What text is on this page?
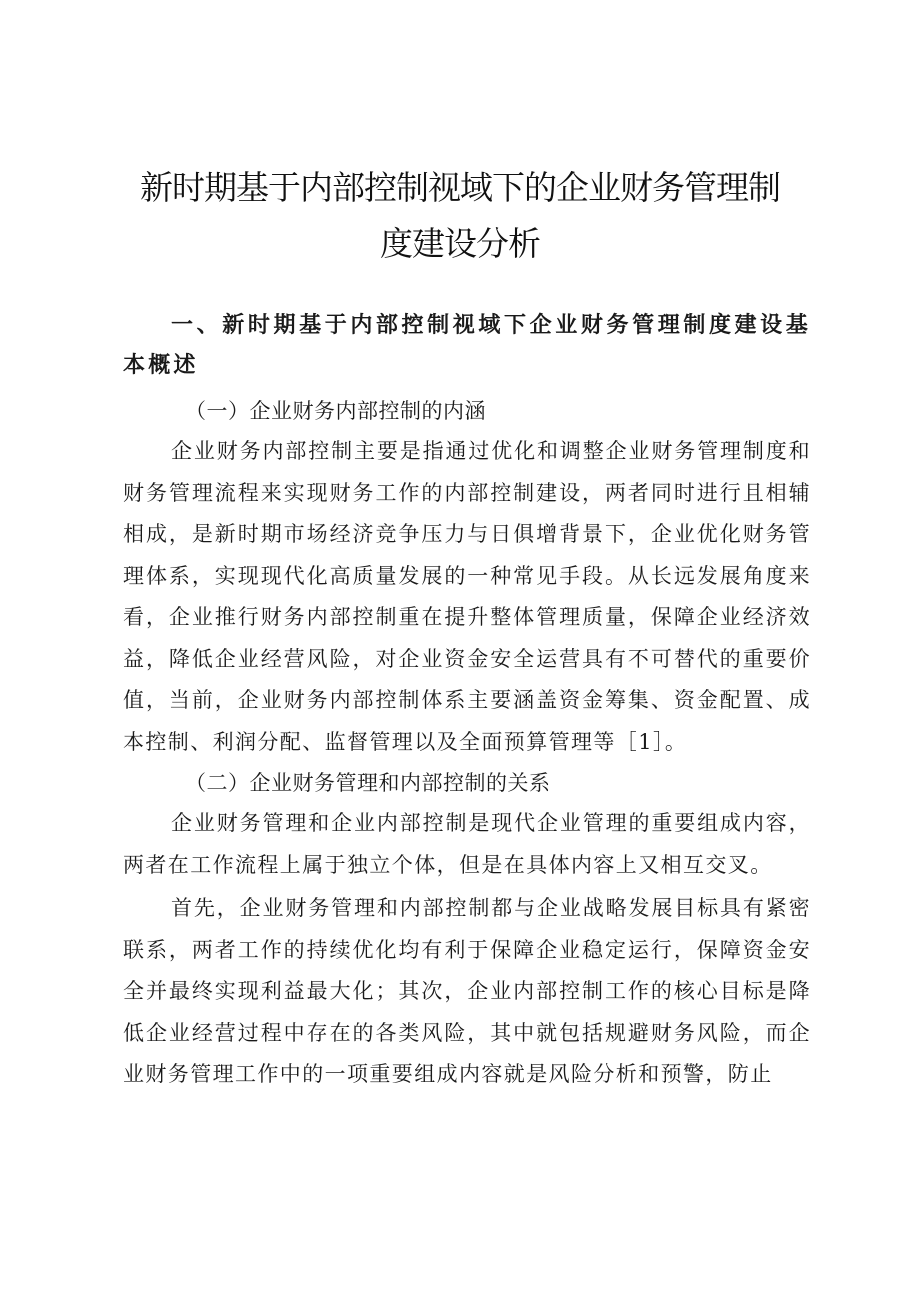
新时期基于内部控制视域下的企业财务管理制
度建设分析

一、新时期基于内部控制视域下企业财务管理制度建设基本概述

（一）企业财务内部控制的内涵

企业财务内部控制主要是指通过优化和调整企业财务管理制度和财务管理流程来实现财务工作的内部控制建设，两者同时进行且相辅相成，是新时期市场经济竞争压力与日俱增背景下，企业优化财务管理体系，实现现代化高质量发展的一种常见手段。从长远发展角度来看，企业推行财务内部控制重在提升整体管理质量，保障企业经济效益，降低企业经营风险，对企业资金安全运营具有不可替代的重要价值，当前，企业财务内部控制体系主要涵盖资金筹集、资金配置、成本控制、利润分配、监督管理以及全面预算管理等［1］。

（二）企业财务管理和内部控制的关系

企业财务管理和企业内部控制是现代企业管理的重要组成内容，两者在工作流程上属于独立个体，但是在具体内容上又相互交叉。

首先，企业财务管理和内部控制都与企业战略发展目标具有紧密联系，两者工作的持续优化均有利于保障企业稳定运行，保障资金安全并最终实现利益最大化；其次，企业内部控制工作的核心目标是降低企业经营过程中存在的各类风险，其中就包括规避财务风险，而企业财务管理工作中的一项重要组成内容就是风险分析和预警，防止
